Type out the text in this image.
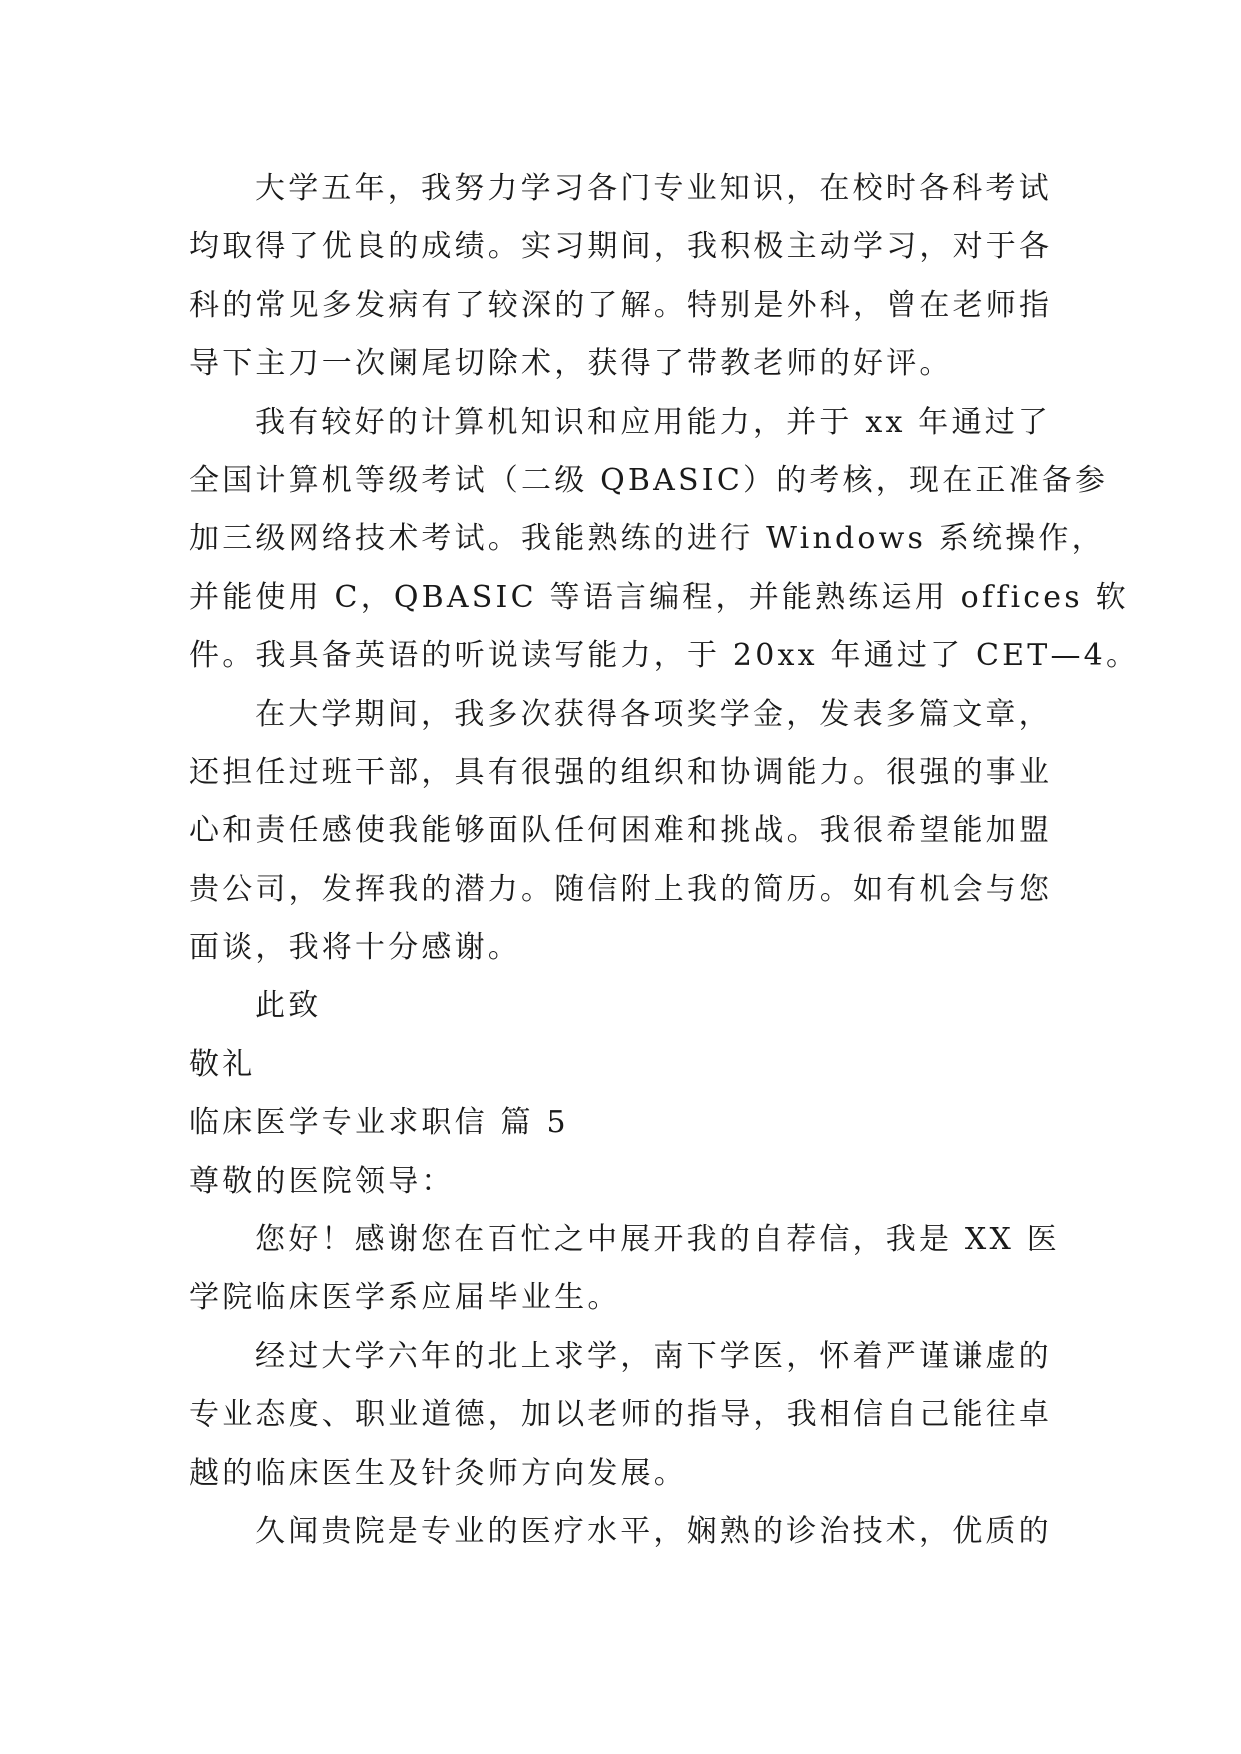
大学五年，我努力学习各门专业知识，在校时各科考试
均取得了优良的成绩。实习期间，我积极主动学习，对于各
科的常见多发病有了较深的了解。特别是外科，曾在老师指
导下主刀一次阑尾切除术，获得了带教老师的好评。
我有较好的计算机知识和应用能力，并于 xx 年通过了
全国计算机等级考试（二级 QBASIC）的考核，现在正准备参
加三级网络技术考试。我能熟练的进行 Windows 系统操作，
并能使用 C，QBASIC 等语言编程，并能熟练运用 offices 软
件。我具备英语的听说读写能力，于 20xx 年通过了 CET—4。
在大学期间，我多次获得各项奖学金，发表多篇文章，
还担任过班干部，具有很强的组织和协调能力。很强的事业
心和责任感使我能够面队任何困难和挑战。我很希望能加盟
贵公司，发挥我的潜力。随信附上我的简历。如有机会与您
面谈，我将十分感谢。
此致
敬礼
临床医学专业求职信 篇 5
尊敬的医院领导：
您好！感谢您在百忙之中展开我的自荐信，我是 XX 医
学院临床医学系应届毕业生。
经过大学六年的北上求学，南下学医，怀着严谨谦虚的
专业态度、职业道德，加以老师的指导，我相信自己能往卓
越的临床医生及针灸师方向发展。
久闻贵院是专业的医疗水平，娴熟的诊治技术，优质的
